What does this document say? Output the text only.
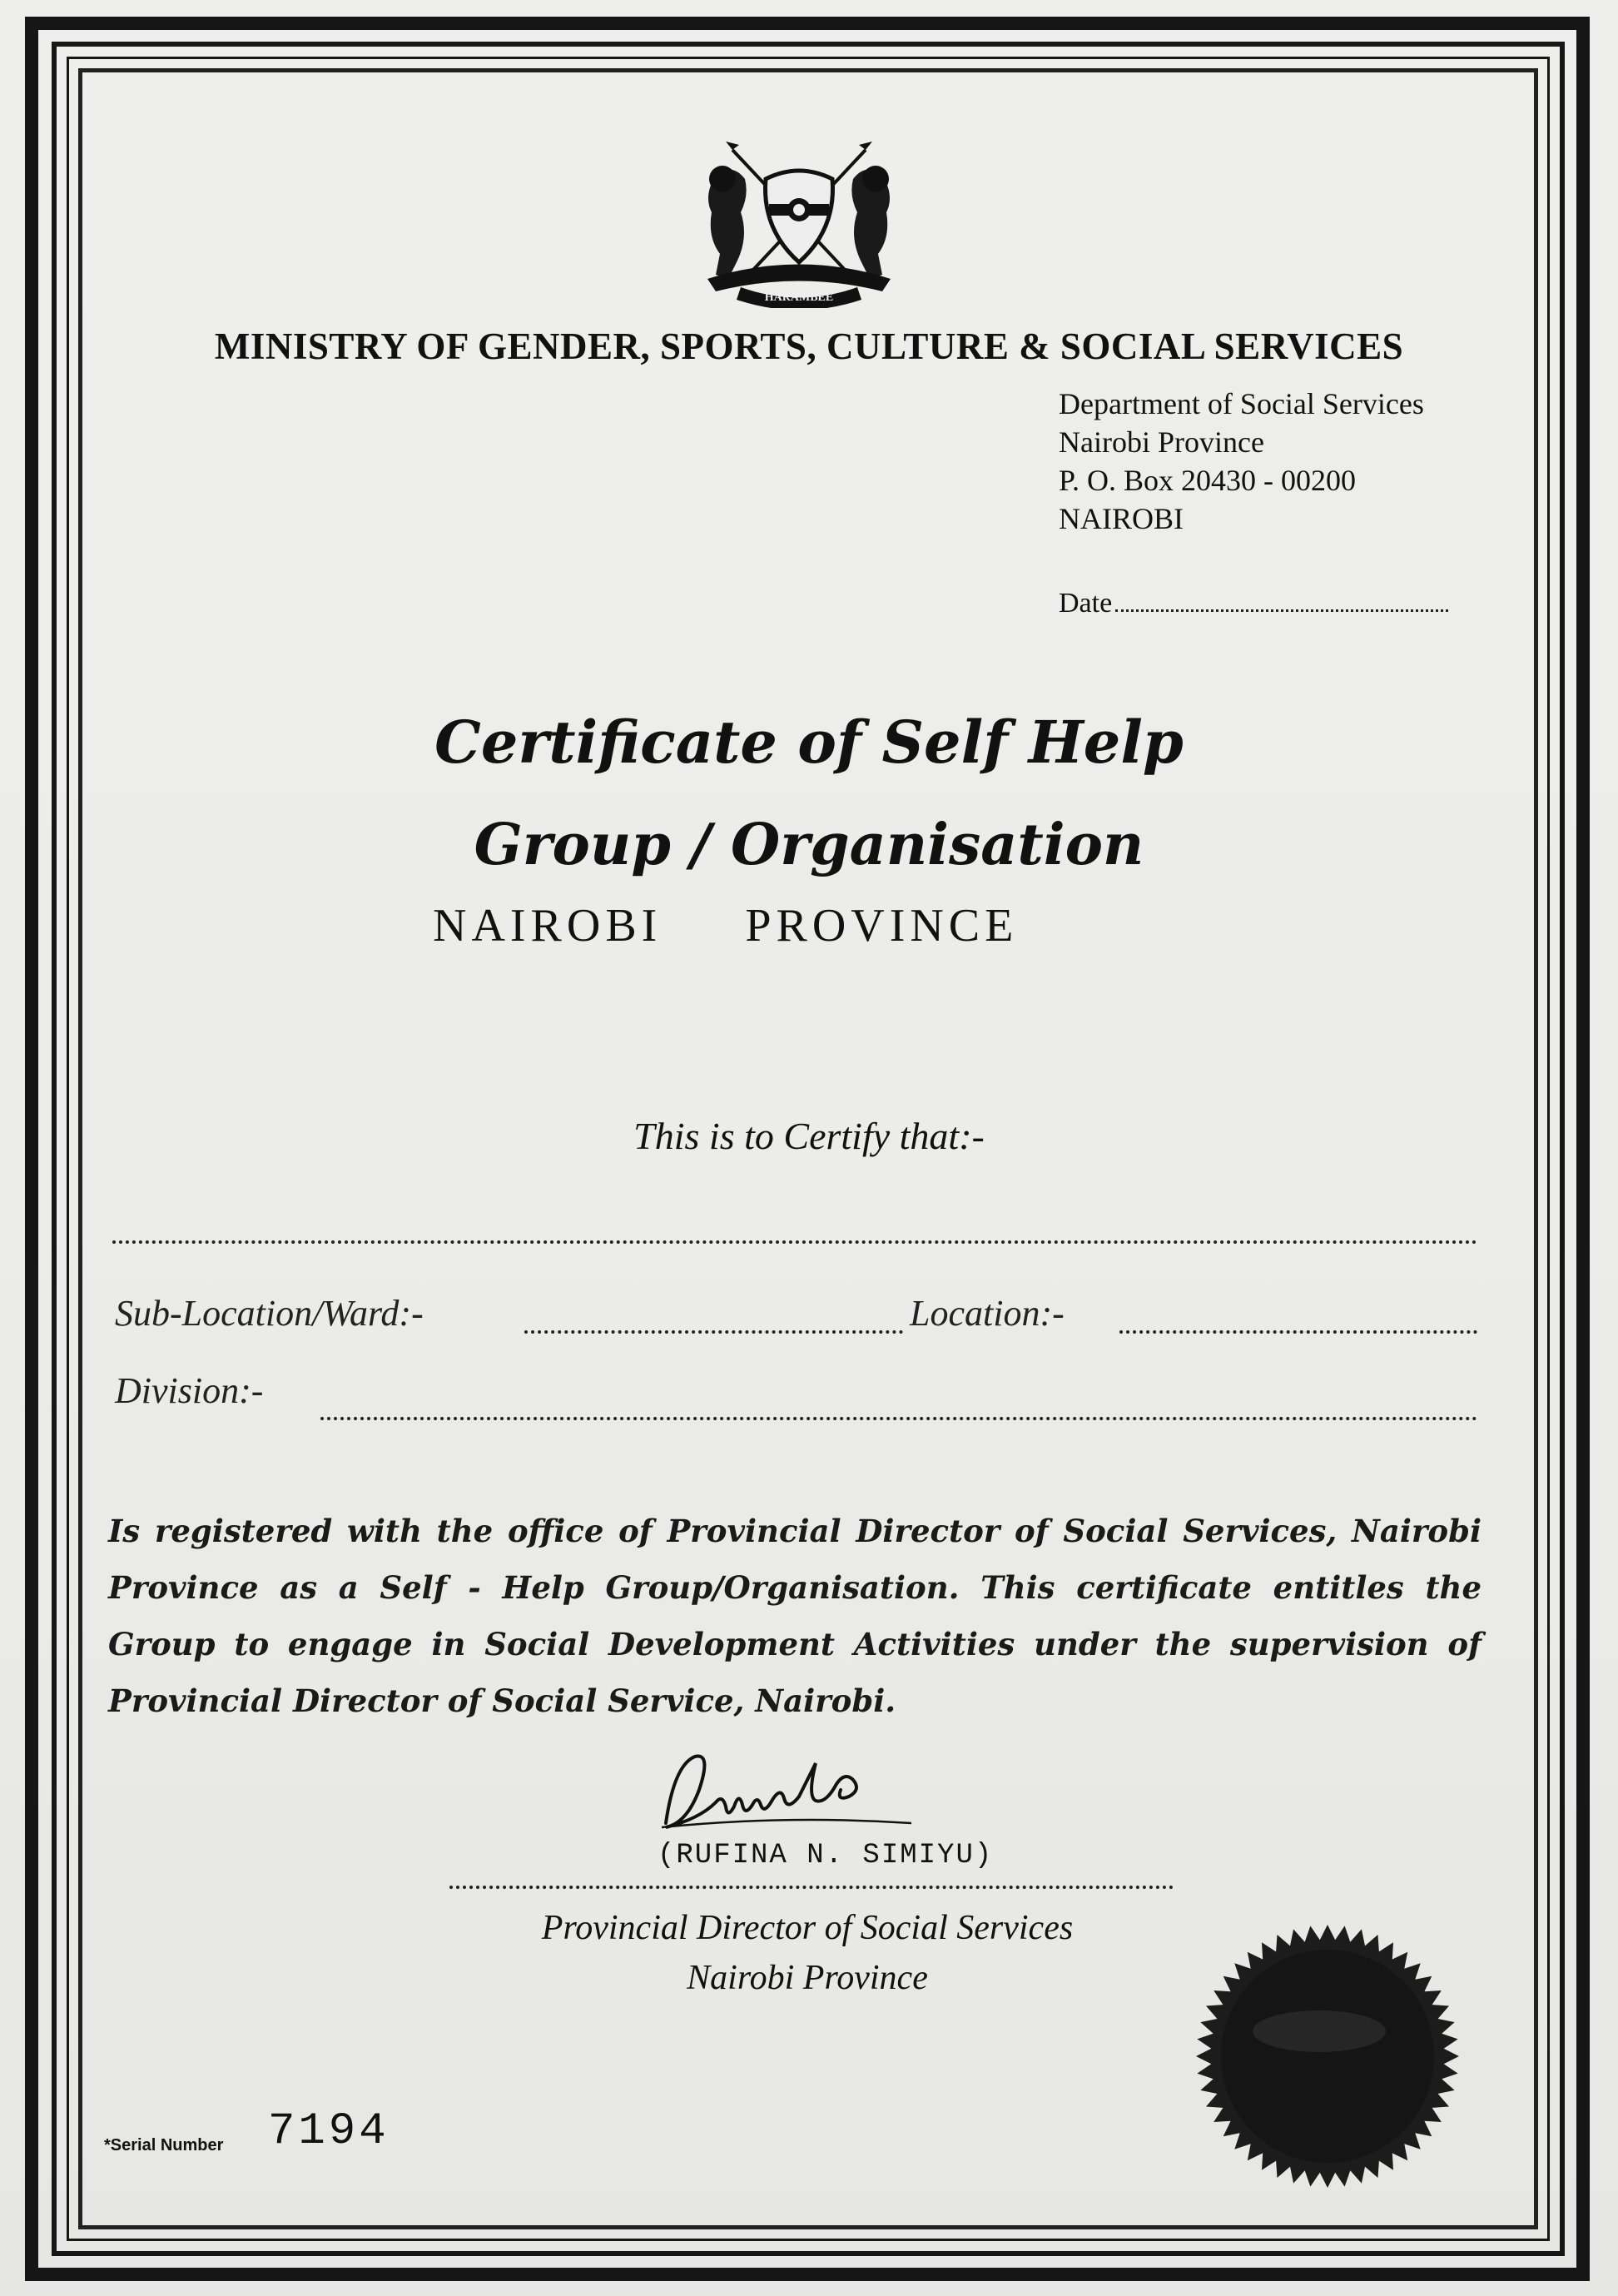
HARAMBEE
MINISTRY OF GENDER, SPORTS, CULTURE & SOCIAL SERVICES
Department of Social Services
Nairobi Province
P. O. Box 20430 - 00200
NAIROBI
Date
Certificate of Self Help
Group / Organisation
NAIROBI PROVINCE
This is to Certify that:-
Sub-Location/Ward:-	Location:-
Division:-
Is registered with the office of Provincial Director of Social Services, Nairobi Province as a Self - Help Group/Organisation. This certificate entitles the Group to engage in Social Development Activities under the supervision of Provincial Director of Social Service, Nairobi.
(RUFINA N. SIMIYU)
Provincial Director of Social Services
Nairobi Province
*Serial Number 7194
